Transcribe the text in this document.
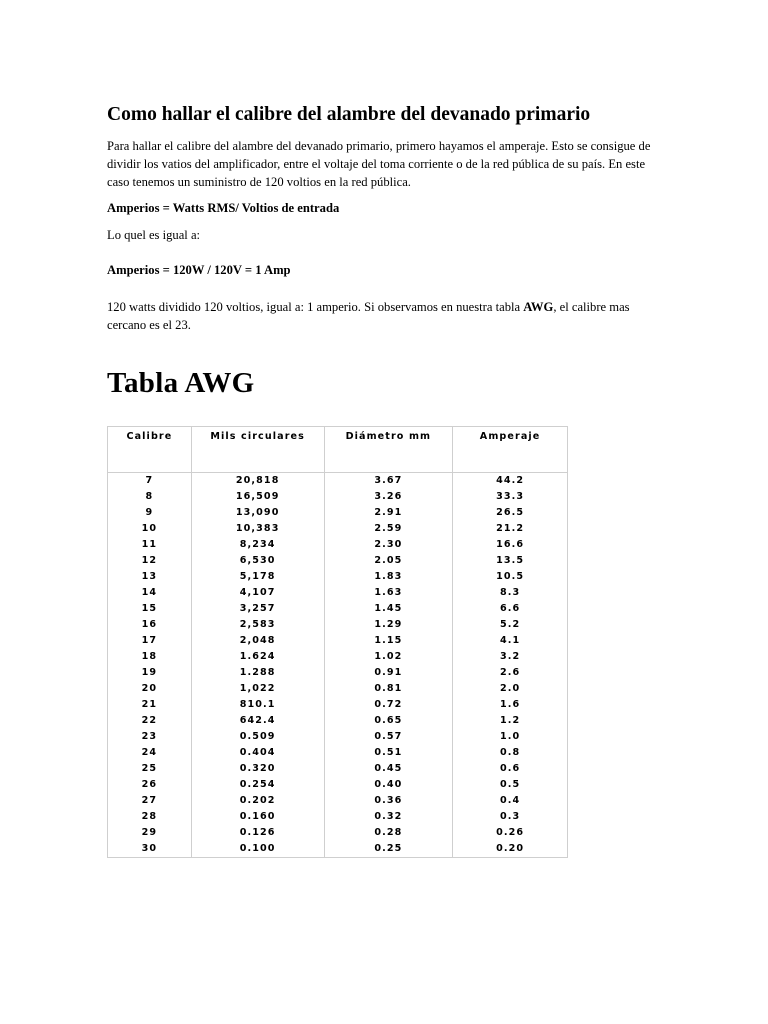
Como hallar el calibre del alambre del devanado primario

Para hallar el calibre del alambre del devanado primario, primero hayamos el amperaje. Esto se consigue de dividir los vatios del amplificador, entre el voltaje del toma corriente o de la red pública de su país. En este caso tenemos un suministro de 120 voltios en la red pública.

Amperios = Watts RMS/ Voltios de entrada

Lo quel es igual a:

Amperios = 120W / 120V = 1 Amp

120 watts dividido 120 voltios, igual a: 1 amperio. Si observamos en nuestra tabla AWG, el calibre mas cercano es el 23.

Tabla AWG
Calibre	Mils circulares	Diámetro mm	Amperaje
7	20,818	3.67	44.2
8	16,509	3.26	33.3
9	13,090	2.91	26.5
10	10,383	2.59	21.2
11	8,234	2.30	16.6
12	6,530	2.05	13.5
13	5,178	1.83	10.5
14	4,107	1.63	8.3
15	3,257	1.45	6.6
16	2,583	1.29	5.2
17	2,048	1.15	4.1
18	1.624	1.02	3.2
19	1.288	0.91	2.6
20	1,022	0.81	2.0
21	810.1	0.72	1.6
22	642.4	0.65	1.2
23	0.509	0.57	1.0
24	0.404	0.51	0.8
25	0.320	0.45	0.6
26	0.254	0.40	0.5
27	0.202	0.36	0.4
28	0.160	0.32	0.3
29	0.126	0.28	0.26
30	0.100	0.25	0.20
